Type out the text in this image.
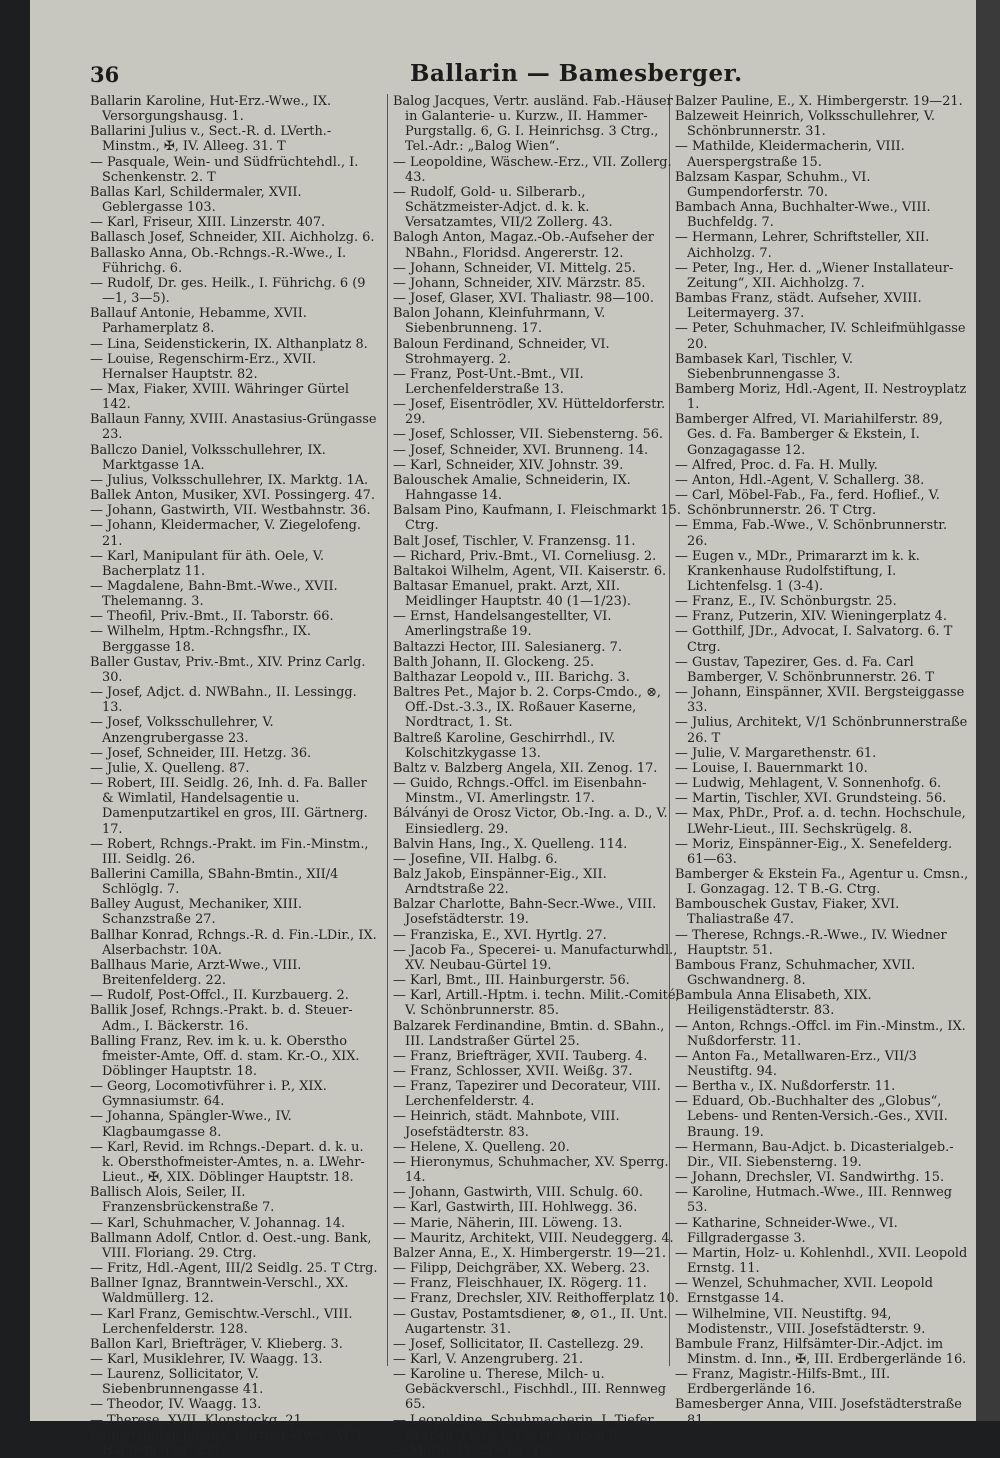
36	Ballarin — Bamesberger.

Ballarin Karoline, Hut-Erz.-Wwe., IX. Versorgungshausg. 1.

Ballarini Julius v., Sect.-R. d. LVerth.-Minstm., ✠, IV. Alleeg. 31. T

— Pasquale, Wein- und Südfrüchtehdl., I. Schenkenstr. 2. T

Ballas Karl, Schildermaler, XVII. Geblergasse 103.

— Karl, Friseur, XIII. Linzerstr. 407.

Ballasch Josef, Schneider, XII. Aichholzg. 6.

Ballasko Anna, Ob.-Rchngs.-R.-Wwe., I. Führichg. 6.

— Rudolf, Dr. ges. Heilk., I. Führichg. 6 (9—1, 3—5).

Ballauf Antonie, Hebamme, XVII. Parhamerplatz 8.

— Lina, Seidenstickerin, IX. Althanplatz 8.

— Louise, Regenschirm-Erz., XVII. Hernalser Hauptstr. 82.

— Max, Fiaker, XVIII. Währinger Gürtel 142.

Ballaun Fanny, XVIII. Anastasius-Grüngasse 23.

Ballczo Daniel, Volksschullehrer, IX. Marktgasse 1A.

— Julius, Volksschullehrer, IX. Marktg. 1A.

Ballek Anton, Musiker, XVI. Possingerg. 47.

— Johann, Gastwirth, VII. Westbahnstr. 36.

— Johann, Kleidermacher, V. Ziegelofeng. 21.

— Karl, Manipulant für äth. Oele, V. Bacherplatz 11.

— Magdalene, Bahn-Bmt.-Wwe., XVII. Thelemanng. 3.

— Theofil, Priv.-Bmt., II. Taborstr. 66.

— Wilhelm, Hptm.-Rchngsfhr., IX. Berggasse 18.

Baller Gustav, Priv.-Bmt., XIV. Prinz Carlg. 30.

— Josef, Adjct. d. NWBahn., II. Lessingg. 13.

— Josef, Volksschullehrer, V. Anzengrubergasse 23.

— Josef, Schneider, III. Hetzg. 36.

— Julie, X. Quelleng. 87.

— Robert, III. Seidlg. 26, Inh. d. Fa. Baller & Wimlatil, Handelsagentie u. Damenputzartikel en gros, III. Gärtnerg. 17.

— Robert, Rchngs.-Prakt. im Fin.-Minstm., III. Seidlg. 26.

Ballerini Camilla, SBahn-Bmtin., XII/4 Schlöglg. 7.

Balley August, Mechaniker, XIII. Schanzstraße 27.

Ballhar Konrad, Rchngs.-R. d. Fin.-LDir., IX. Alserbachstr. 10A.

Ballhaus Marie, Arzt-Wwe., VIII. Breitenfelderg. 22.

— Rudolf, Post-Offcl., II. Kurzbauerg. 2.

Ballik Josef, Rchngs.-Prakt. b. d. Steuer-Adm., I. Bäckerstr. 16.

Balling Franz, Rev. im k. u. k. Oberstho fmeister-Amte, Off. d. stam. Kr.-O., XIX. Döblinger Hauptstr. 18.

— Georg, Locomotivführer i. P., XIX. Gymnasiumstr. 64.

— Johanna, Spängler-Wwe., IV. Klagbaumgasse 8.

— Karl, Revid. im Rchngs.-Depart. d. k. u. k. Obersthofmeister-Amtes, n. a. LWehr-Lieut., ✠, XIX. Döblinger Hauptstr. 18.

Ballisch Alois, Seiler, II. Franzensbrückenstraße 7.

— Karl, Schuhmacher, V. Johannag. 14.

Ballmann Adolf, Cntlor. d. Oest.-ung. Bank, VIII. Floriang. 29. Ctrg.

— Fritz, Hdl.-Agent, III/2 Seidlg. 25. T Ctrg.

Ballner Ignaz, Branntwein-Verschl., XX. Waldmüllerg. 12.

— Karl Franz, Gemischtw.-Verschl., VIII. Lerchenfelderstr. 128.

Ballon Karl, Briefträger, V. Klieberg. 3.

— Karl, Musiklehrer, IV. Waagg. 13.

— Laurenz, Sollicitator, V. Siebenbrunnengasse 41.

— Theodor, IV. Waagg. 13.

— Therese, XVII. Klopstockg. 21.

Balmetzhofer Juliane, Gärtner-Wwe., XI/3 Haidequerstr. 237.

Balog Jacques, Vertr. ausländ. Fab.-Häuser in Galanterie- u. Kurzw., II. Hammer-Purgstallg. 6, G. I. Heinrichsg. 3 Ctrg., Tel.-Adr.: „Balog Wien“.

— Leopoldine, Wäschew.-Erz., VII. Zollerg. 43.

— Rudolf, Gold- u. Silberarb., Schätzmeister-Adjct. d. k. k. Versatzamtes, VII/2 Zollerg. 43.

Balogh Anton, Magaz.-Ob.-Aufseher der NBahn., Floridsd. Angererstr. 12.

— Johann, Schneider, VI. Mittelg. 25.

— Johann, Schneider, XIV. Märzstr. 85.

— Josef, Glaser, XVI. Thaliastr. 98—100.

Balon Johann, Kleinfuhrmann, V. Siebenbrunneng. 17.

Baloun Ferdinand, Schneider, VI. Strohmayerg. 2.

— Franz, Post-Unt.-Bmt., VII. Lerchenfelderstraße 13.

— Josef, Eisentrödler, XV. Hütteldorferstr. 29.

— Josef, Schlosser, VII. Siebensterng. 56.

— Josef, Schneider, XVI. Brunneng. 14.

— Karl, Schneider, XIV. Johnstr. 39.

Balouschek Amalie, Schneiderin, IX. Hahngasse 14.

Balsam Pino, Kaufmann, I. Fleischmarkt 15. Ctrg.

Balt Josef, Tischler, V. Franzensg. 11.

— Richard, Priv.-Bmt., VI. Corneliusg. 2.

Baltakoi Wilhelm, Agent, VII. Kaiserstr. 6.

Baltasar Emanuel, prakt. Arzt, XII. Meidlinger Hauptstr. 40 (1—1/23).

— Ernst, Handelsangestellter, VI. Amerlingstraße 19.

Baltazzi Hector, III. Salesianerg. 7.

Balth Johann, II. Glockeng. 25.

Balthazar Leopold v., III. Barichg. 3.

Baltres Pet., Major b. 2. Corps-Cmdo., ⊗, Off.-Dst.-3.3., IX. Roßauer Kaserne, Nordtract, 1. St.

Baltreß Karoline, Geschirrhdl., IV. Kolschitzkygasse 13.

Baltz v. Balzberg Angela, XII. Zenog. 17.

— Guido, Rchngs.-Offcl. im Eisenbahn-Minstm., VI. Amerlingstr. 17.

Bálványi de Orosz Victor, Ob.-Ing. a. D., V. Einsiedlerg. 29.

Balvin Hans, Ing., X. Quelleng. 114.

— Josefine, VII. Halbg. 6.

Balz Jakob, Einspänner-Eig., XII. Arndtstraße 22.

Balzar Charlotte, Bahn-Secr.-Wwe., VIII. Josefstädterstr. 19.

— Franziska, E., XVI. Hyrtlg. 27.

— Jacob Fa., Specerei- u. Manufacturwhdl., XV. Neubau-Gürtel 19.

— Karl, Bmt., III. Hainburgerstr. 56.

— Karl, Artill.-Hptm. i. techn. Milit.-Comité, V. Schönbrunnerstr. 85.

Balzarek Ferdinandine, Bmtin. d. SBahn., III. Landstraßer Gürtel 25.

— Franz, Briefträger, XVII. Tauberg. 4.

— Franz, Schlosser, XVII. Weißg. 37.

— Franz, Tapezirer und Decorateur, VIII. Lerchenfelderstr. 4.

— Heinrich, städt. Mahnbote, VIII. Josefstädterstr. 83.

— Helene, X. Quelleng. 20.

— Hieronymus, Schuhmacher, XV. Sperrg. 14.

— Johann, Gastwirth, VIII. Schulg. 60.

— Karl, Gastwirth, III. Hohlwegg. 36.

— Marie, Näherin, III. Löweng. 13.

— Mauritz, Architekt, VIII. Neudeggerg. 4.

Balzer Anna, E., X. Himbergerstr. 19—21.

— Filipp, Deichgräber, XX. Weberg. 23.

— Franz, Fleischhauer, IX. Rögerg. 11.

— Franz, Drechsler, XIV. Reithofferplatz 10.

— Gustav, Postamtsdiener, ⊗, ⊙1., II. Unt. Augartenstr. 31.

— Josef, Sollicitator, II. Castellezg. 29.

— Karl, V. Anzengruberg. 21.

— Karoline u. Therese, Milch- u. Gebäckverschl., Fischhdl., III. Rennweg 65.

— Leopoldine, Schuhmacherin, I. Tiefer Graben 33, G. I. Tiefer Graben 8.

— Marie, IX. Eiseng. 16.

Balzer Pauline, E., X. Himbergerstr. 19—21.

Balzeweit Heinrich, Volksschullehrer, V. Schönbrunnerstr. 31.

— Mathilde, Kleidermacherin, VIII. Auerspergstraße 15.

Balzsam Kaspar, Schuhm., VI. Gumpendorferstr. 70.

Bambach Anna, Buchhalter-Wwe., VIII. Buchfeldg. 7.

— Hermann, Lehrer, Schriftsteller, XII. Aichholzg. 7.

— Peter, Ing., Her. d. „Wiener Installateur-Zeitung“, XII. Aichholzg. 7.

Bambas Franz, städt. Aufseher, XVIII. Leitermayerg. 37.

— Peter, Schuhmacher, IV. Schleifmühlgasse 20.

Bambasek Karl, Tischler, V. Siebenbrunnengasse 3.

Bamberg Moriz, Hdl.-Agent, II. Nestroyplatz 1.

Bamberger Alfred, VI. Mariahilferstr. 89, Ges. d. Fa. Bamberger & Ekstein, I. Gonzagagasse 12.

— Alfred, Proc. d. Fa. H. Mully.

— Anton, Hdl.-Agent, V. Schallerg. 38.

— Carl, Möbel-Fab., Fa., ferd. Hoflief., V. Schönbrunnerstr. 26. T Ctrg.

— Emma, Fab.-Wwe., V. Schönbrunnerstr. 26.

— Eugen v., MDr., Primararzt im k. k. Krankenhause Rudolfstiftung, I. Lichtenfelsg. 1 (3-4).

— Franz, E., IV. Schönburgstr. 25.

— Franz, Putzerin, XIV. Wieningerplatz 4.

— Gotthilf, JDr., Advocat, I. Salvatorg. 6. T Ctrg.

— Gustav, Tapezirer, Ges. d. Fa. Carl Bamberger, V. Schönbrunnerstr. 26. T

— Johann, Einspänner, XVII. Bergsteiggasse 33.

— Julius, Architekt, V/1 Schönbrunnerstraße 26. T

— Julie, V. Margarethenstr. 61.

— Louise, I. Bauernmarkt 10.

— Ludwig, Mehlagent, V. Sonnenhofg. 6.

— Martin, Tischler, XVI. Grundsteing. 56.

— Max, PhDr., Prof. a. d. techn. Hochschule, LWehr-Lieut., III. Sechskrügelg. 8.

— Moriz, Einspänner-Eig., X. Senefelderg. 61—63.

Bamberger & Ekstein Fa., Agentur u. Cmsn., I. Gonzagag. 12. T B.-G. Ctrg.

Bambouschek Gustav, Fiaker, XVI. Thaliastraße 47.

— Therese, Rchngs.-R.-Wwe., IV. Wiedner Hauptstr. 51.

Bambous Franz, Schuhmacher, XVII. Gschwandnerg. 8.

Bambula Anna Elisabeth, XIX. Heiligenstädterstr. 83.

— Anton, Rchngs.-Offcl. im Fin.-Minstm., IX. Nußdorferstr. 11.

— Anton Fa., Metallwaren-Erz., VII/3 Neustiftg. 94.

— Bertha v., IX. Nußdorferstr. 11.

— Eduard, Ob.-Buchhalter des „Globus“, Lebens- und Renten-Versich.-Ges., XVII. Braung. 19.

— Hermann, Bau-Adjct. b. Dicasterialgeb.-Dir., VII. Siebensterng. 19.

— Johann, Drechsler, VI. Sandwirthg. 15.

— Karoline, Hutmach.-Wwe., III. Rennweg 53.

— Katharine, Schneider-Wwe., VI. Fillgradergasse 3.

— Martin, Holz- u. Kohlenhdl., XVII. Leopold Ernstg. 11.

— Wenzel, Schuhmacher, XVII. Leopold Ernstgasse 14.

— Wilhelmine, VII. Neustiftg. 94, Modistenstr., VIII. Josefstädterstr. 9.

Bambule Franz, Hilfsämter-Dir.-Adjct. im Minstm. d. Inn., ✠, III. Erdbergerlände 16.

— Franz, Magistr.-Hilfs-Bmt., III. Erdbergerlände 16.

Bamesberger Anna, VIII. Josefstädterstraße 81.
